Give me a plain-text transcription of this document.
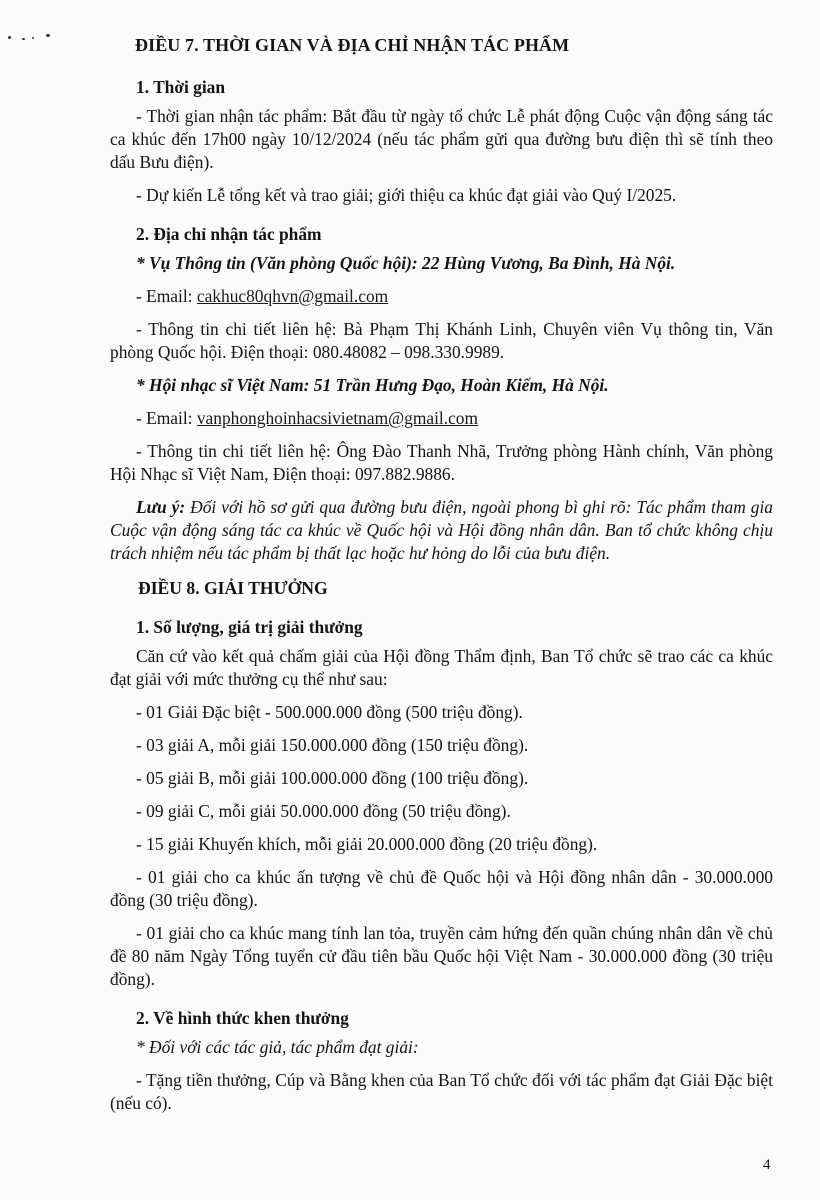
ĐIỀU 7. THỜI GIAN VÀ ĐỊA CHỈ NHẬN TÁC PHẨM
1. Thời gian

- Thời gian nhận tác phẩm: Bắt đầu từ ngày tổ chức Lễ phát động Cuộc vận động sáng tác ca khúc đến 17h00 ngày 10/12/2024 (nếu tác phẩm gửi qua đường bưu điện thì sẽ tính theo dấu Bưu điện).

- Dự kiến Lễ tổng kết và trao giải; giới thiệu ca khúc đạt giải vào Quý I/2025.

2. Địa chỉ nhận tác phẩm

* Vụ Thông tin (Văn phòng Quốc hội): 22 Hùng Vương, Ba Đình, Hà Nội.

- Email: cakhuc80qhvn@gmail.com

- Thông tin chi tiết liên hệ: Bà Phạm Thị Khánh Linh, Chuyên viên Vụ thông tin, Văn phòng Quốc hội. Điện thoại: 080.48082 – 098.330.9989.

* Hội nhạc sĩ Việt Nam: 51 Trần Hưng Đạo, Hoàn Kiếm, Hà Nội.

- Email: vanphonghoinhacsivietnam@gmail.com

- Thông tin chi tiết liên hệ: Ông Đào Thanh Nhã, Trưởng phòng Hành chính, Văn phòng Hội Nhạc sĩ Việt Nam, Điện thoại: 097.882.9886.

Lưu ý: Đối với hồ sơ gửi qua đường bưu điện, ngoài phong bì ghi rõ: Tác phẩm tham gia Cuộc vận động sáng tác ca khúc về Quốc hội và Hội đồng nhân dân. Ban tổ chức không chịu trách nhiệm nếu tác phẩm bị thất lạc hoặc hư hỏng do lỗi của bưu điện.

ĐIỀU 8. GIẢI THƯỞNG
1. Số lượng, giá trị giải thưởng

Căn cứ vào kết quả chấm giải của Hội đồng Thẩm định, Ban Tổ chức sẽ trao các ca khúc đạt giải với mức thưởng cụ thể như sau:

- 01 Giải Đặc biệt - 500.000.000 đồng (500 triệu đồng).

- 03 giải A, mỗi giải 150.000.000 đồng (150 triệu đồng).

- 05 giải B, mỗi giải 100.000.000 đồng (100 triệu đồng).

- 09 giải C, mỗi giải 50.000.000 đồng (50 triệu đồng).

- 15 giải Khuyến khích, mỗi giải 20.000.000 đồng (20 triệu đồng).

- 01 giải cho ca khúc ấn tượng về chủ đề Quốc hội và Hội đồng nhân dân - 30.000.000 đồng (30 triệu đồng).

- 01 giải cho ca khúc mang tính lan tỏa, truyền cảm hứng đến quần chúng nhân dân về chủ đề 80 năm Ngày Tổng tuyển cử đầu tiên bầu Quốc hội Việt Nam - 30.000.000 đồng (30 triệu đồng).

2. Về hình thức khen thưởng

* Đối với các tác giả, tác phẩm đạt giải:

- Tặng tiền thưởng, Cúp và Bằng khen của Ban Tổ chức đối với tác phẩm đạt Giải Đặc biệt (nếu có).

4
